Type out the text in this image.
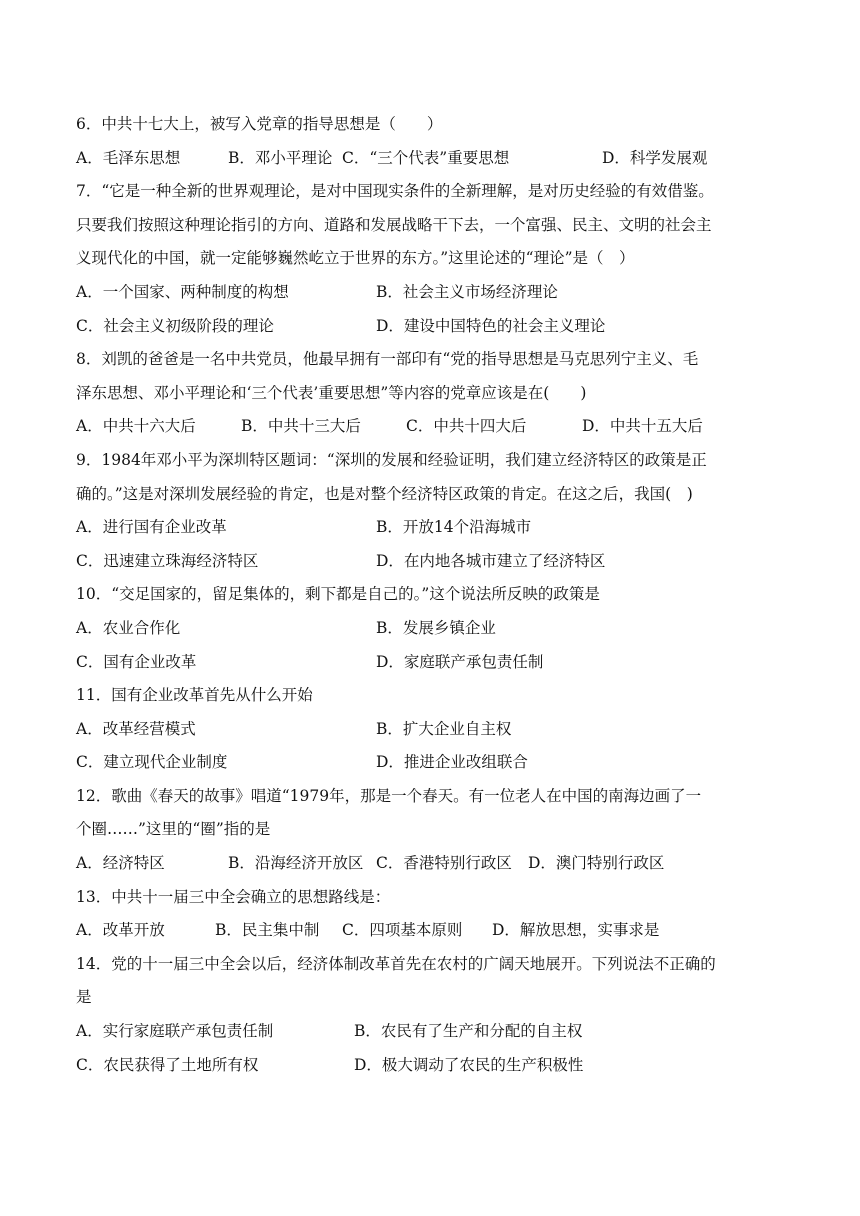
6．中共十七大上，被写入党章的指导思想是（　　）
A．毛泽东思想	B．邓小平理论 C．“三个代表”重要思想	D．科学发展观
7．“它是一种全新的世界观理论，是对中国现实条件的全新理解，是对历史经验的有效借鉴。
只要我们按照这种理论指引的方向、道路和发展战略干下去，一个富强、民主、文明的社会主
义现代化的中国，就一定能够巍然屹立于世界的东方。”这里论述的“理论”是（　）
A．一个国家、两种制度的构想	B．社会主义市场经济理论
C．社会主义初级阶段的理论	D．建设中国特色的社会主义理论
8．刘凯的爸爸是一名中共党员，他最早拥有一部印有“党的指导思想是马克思列宁主义、毛
泽东思想、邓小平理论和‘三个代表’重要思想”等内容的党章应该是在(　　)
A．中共十六大后	B．中共十三大后	C．中共十四大后	D．中共十五大后
9．1984年邓小平为深圳特区题词：“深圳的发展和经验证明，我们建立经济特区的政策是正
确的。”这是对深圳发展经验的肯定，也是对整个经济特区政策的肯定。在这之后，我国(　)
A．进行国有企业改革	B．开放14个沿海城市
C．迅速建立珠海经济特区	D．在内地各城市建立了经济特区
10．“交足国家的，留足集体的，剩下都是自己的。”这个说法所反映的政策是
A．农业合作化	B．发展乡镇企业
C．国有企业改革	D．家庭联产承包责任制
11．国有企业改革首先从什么开始
A．改革经营模式	B．扩大企业自主权
C．建立现代企业制度	D．推进企业改组联合
12．歌曲《春天的故事》唱道“1979年，那是一个春天。有一位老人在中国的南海边画了一
个圈……”这里的“圈”指的是
A．经济特区	B．沿海经济开放区 C．香港特别行政区	D．澳门特别行政区
13．中共十一届三中全会确立的思想路线是：
A．改革开放	B．民主集中制	C．四项基本原则	D．解放思想，实事求是
14．党的十一届三中全会以后，经济体制改革首先在农村的广阔天地展开。下列说法不正确的
是
A．实行家庭联产承包责任制	B．农民有了生产和分配的自主权
C．农民获得了土地所有权	D．极大调动了农民的生产积极性
